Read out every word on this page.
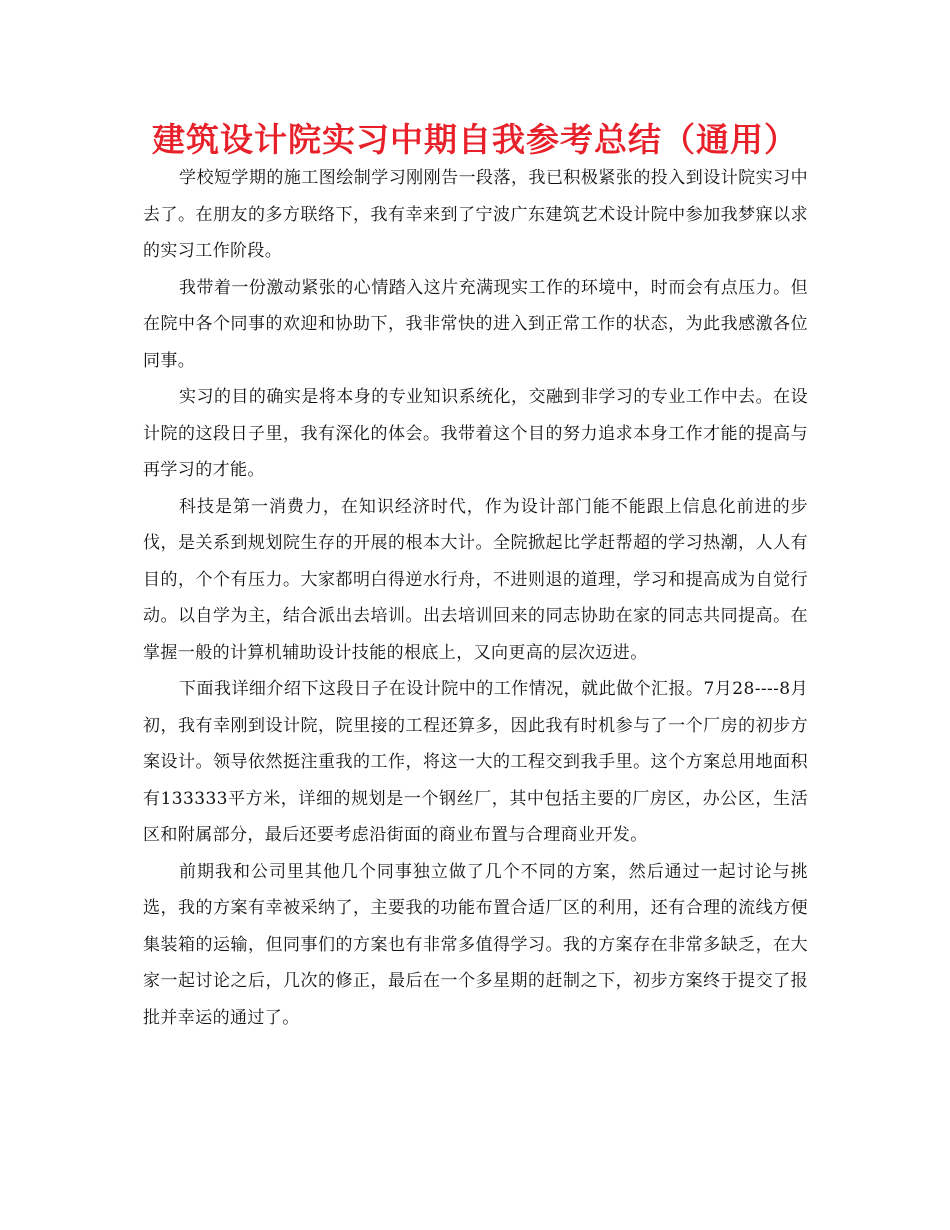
建筑设计院实习中期自我参考总结（通用）

学校短学期的施工图绘制学习刚刚告一段落，我已积极紧张的投入到设计院实习中去了。在朋友的多方联络下，我有幸来到了宁波广东建筑艺术设计院中参加我梦寐以求的实习工作阶段。

我带着一份激动紧张的心情踏入这片充满现实工作的环境中，时而会有点压力。但在院中各个同事的欢迎和协助下，我非常快的进入到正常工作的状态，为此我感激各位同事。

实习的目的确实是将本身的专业知识系统化，交融到非学习的专业工作中去。在设计院的这段日子里，我有深化的体会。我带着这个目的努力追求本身工作才能的提高与再学习的才能。

科技是第一消费力，在知识经济时代，作为设计部门能不能跟上信息化前进的步伐，是关系到规划院生存的开展的根本大计。全院掀起比学赶帮超的学习热潮，人人有目的，个个有压力。大家都明白得逆水行舟，不进则退的道理，学习和提高成为自觉行动。以自学为主，结合派出去培训。出去培训回来的同志协助在家的同志共同提高。在掌握一般的计算机辅助设计技能的根底上，又向更高的层次迈进。

下面我详细介绍下这段日子在设计院中的工作情况，就此做个汇报。7月28----8月初，我有幸刚到设计院，院里接的工程还算多，因此我有时机参与了一个厂房的初步方案设计。领导依然挺注重我的工作，将这一大的工程交到我手里。这个方案总用地面积有133333平方米，详细的规划是一个钢丝厂，其中包括主要的厂房区，办公区，生活区和附属部分，最后还要考虑沿街面的商业布置与合理商业开发。

前期我和公司里其他几个同事独立做了几个不同的方案，然后通过一起讨论与挑选，我的方案有幸被采纳了，主要我的功能布置合适厂区的利用，还有合理的流线方便集装箱的运输，但同事们的方案也有非常多值得学习。我的方案存在非常多缺乏，在大家一起讨论之后，几次的修正，最后在一个多星期的赶制之下，初步方案终于提交了报批并幸运的通过了。
